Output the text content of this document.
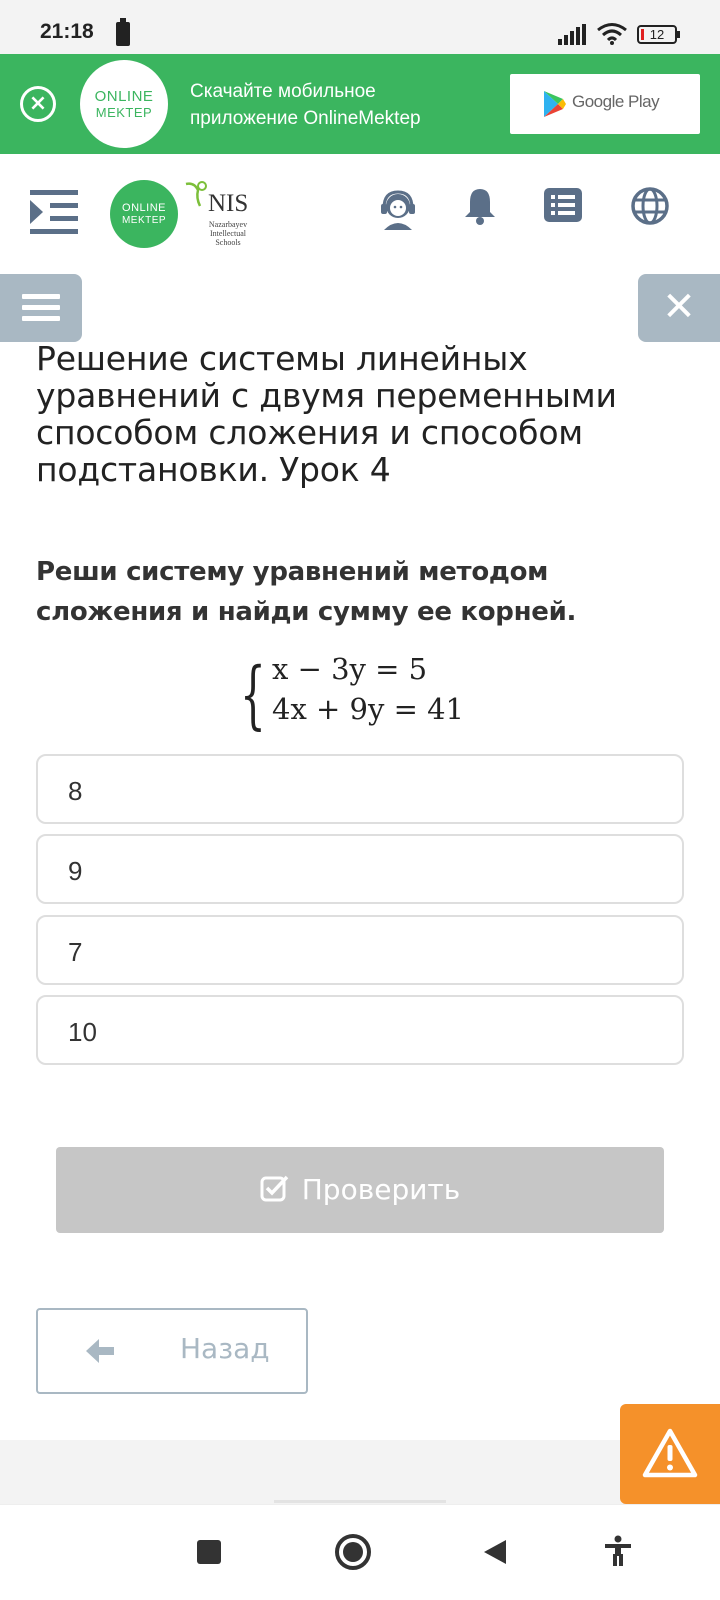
21:18	12
×	ONLINE
MEKTEP
Скачайте мобильное
приложение OnlineMektep
Google Play
ONLINE
MEKTEP
NIS
Nazarbayev Intellectual Schools
✕
Решение системы линейных уравнений с двумя переменными способом сложения и способом подстановки. Урок 4
Реши систему уравнений методом сложения и найди сумму ее корней.
{ x − 3y = 5
4x + 9y = 41
8
9
7
10
Проверить
Назад
